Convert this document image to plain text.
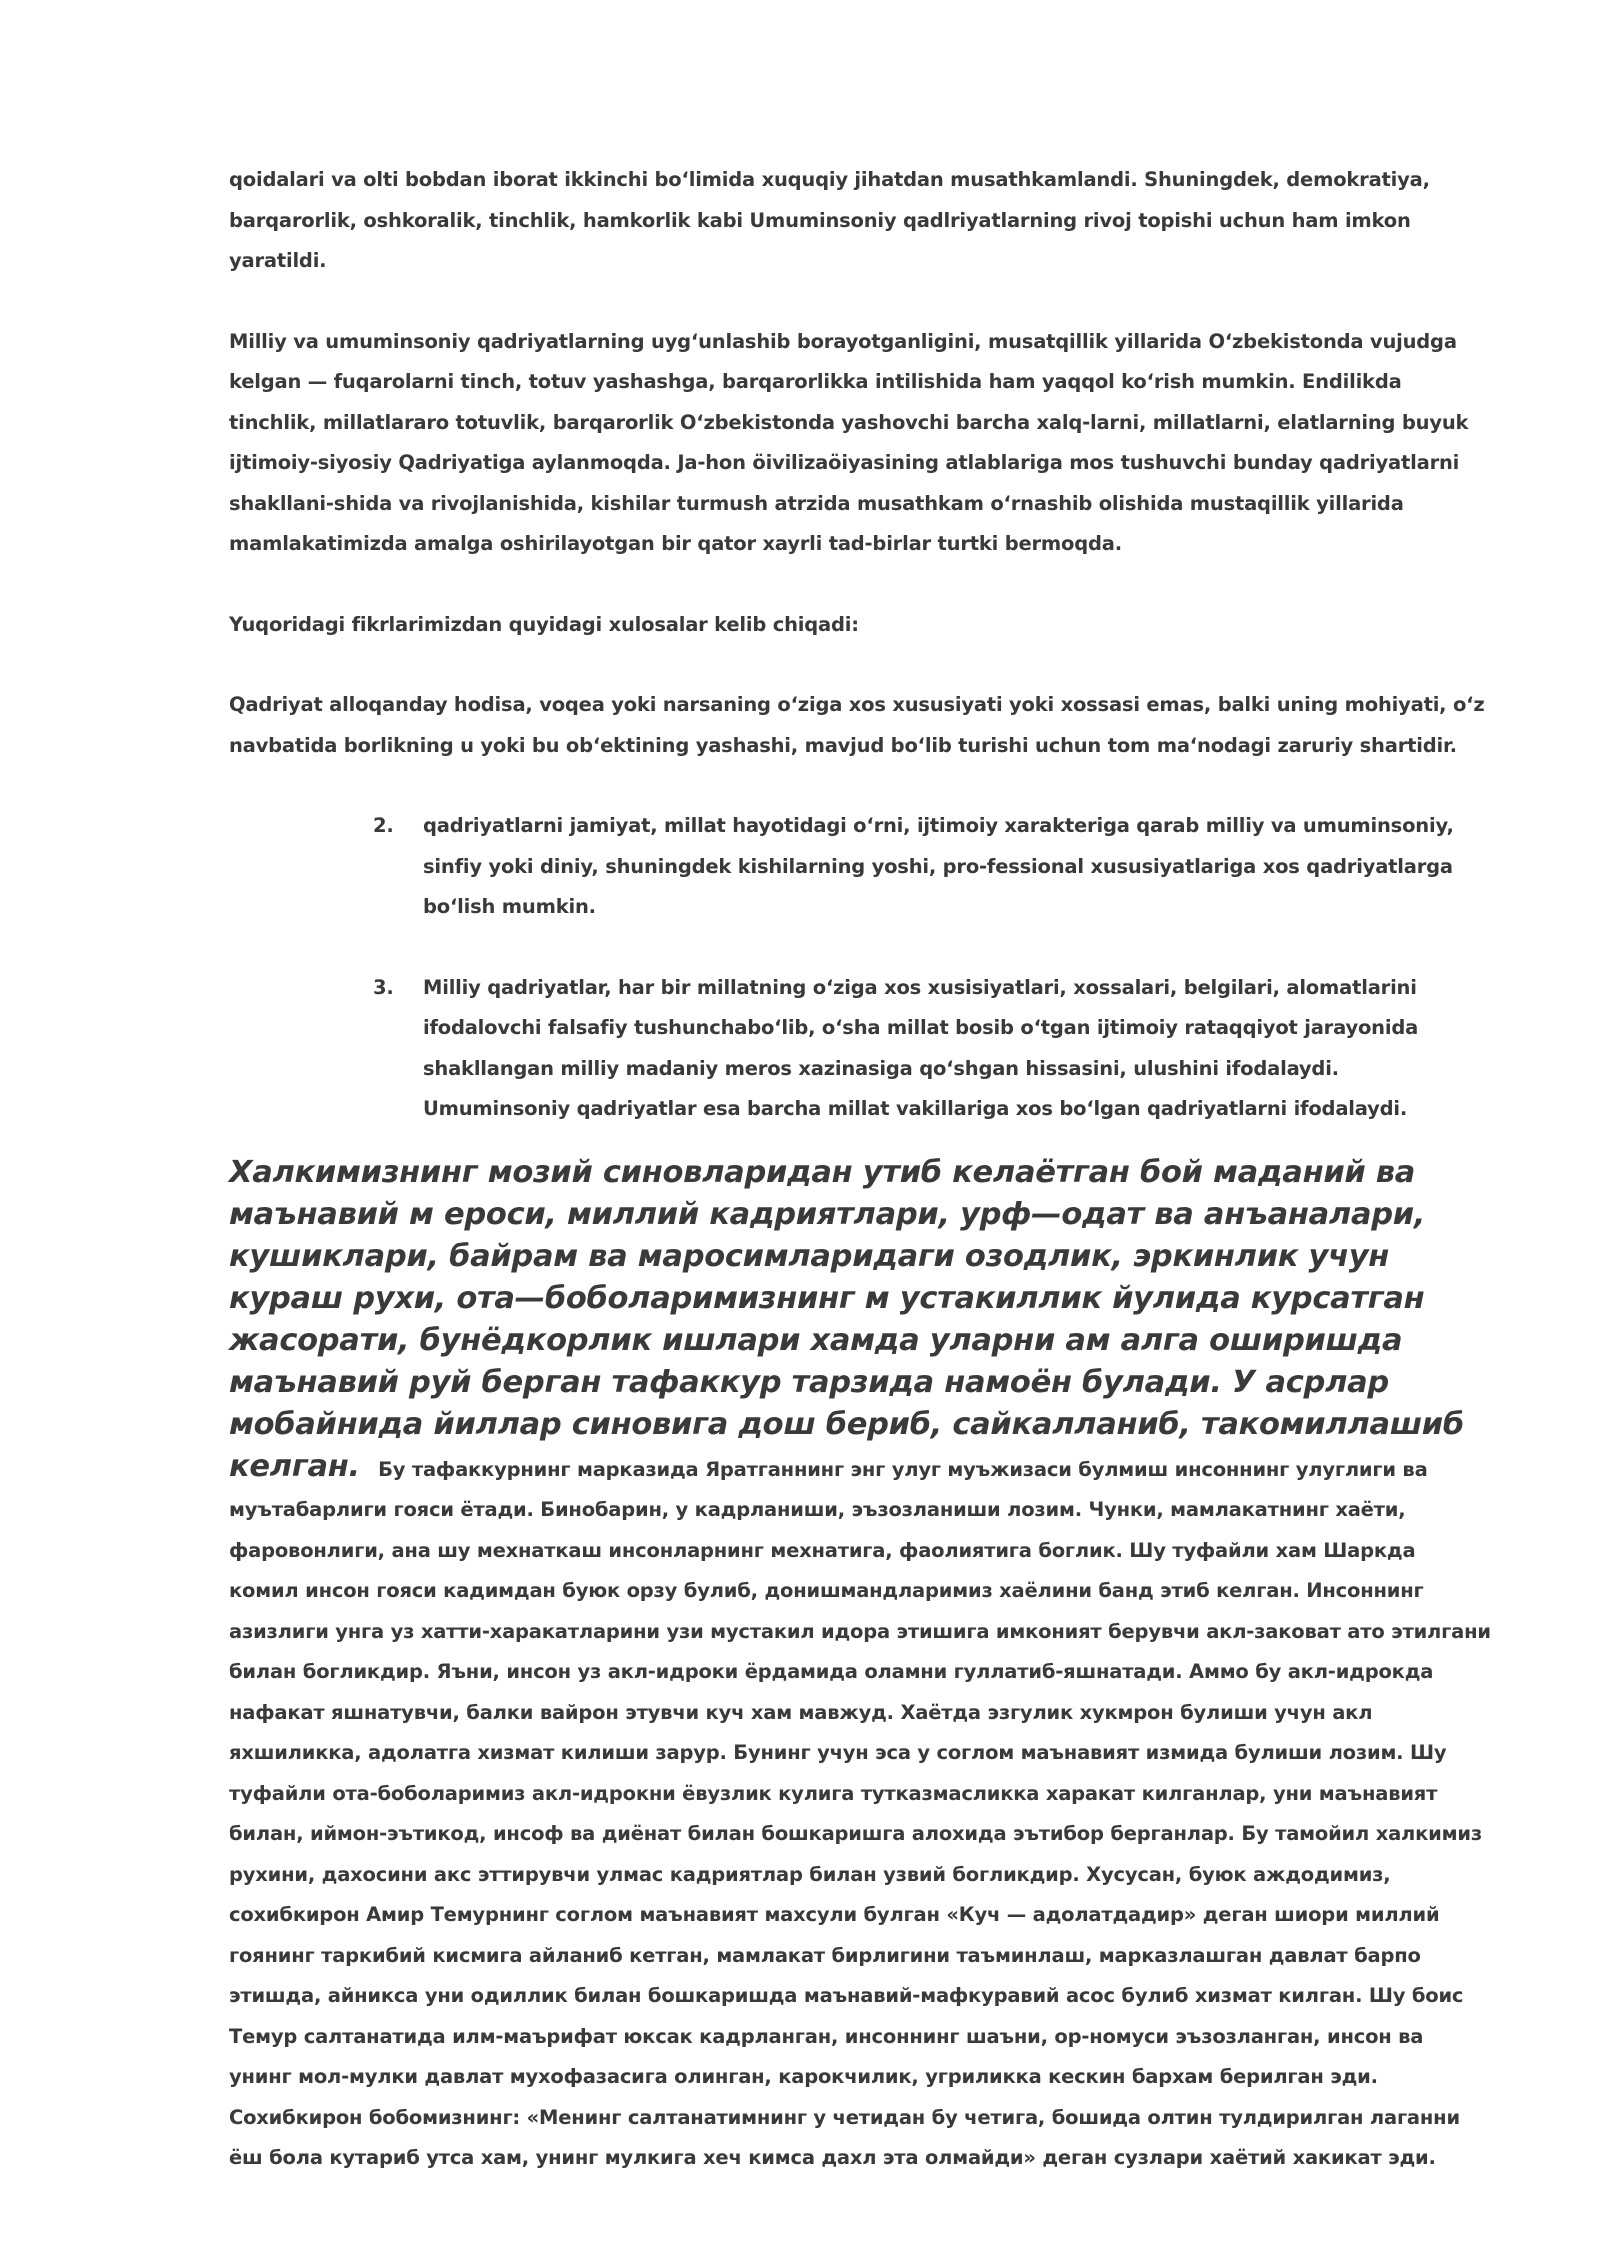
qoidalari va olti bobdan iborat ikkinchi bo‘limida xuquqiy jihatdan musathkamlandi. Shuningdek, demokratiya, barqarorlik, oshkoralik, tinchlik, hamkorlik kabi Umuminsoniy qadlriyatlarning rivoj topishi uchun ham imkon yaratildi.

Milliy va umuminsoniy qadriyatlarning uyg‘unlashib borayotganligini, musatqillik yillarida O‘zbekistonda vujudga kelgan — fuqarolarni tinch, totuv yashashga, barqarorlikka intilishida ham yaqqol ko‘rish mumkin. Endilikda tinchlik, millatlararo totuvlik, barqarorlik O‘zbekistonda yashovchi barcha xalq-larni, millatlarni, elatlarning buyuk ijtimoiy-siyosiy Qadriyatiga aylanmoqda. Ja-hon öivilizaöiyasining atlablariga mos tushuvchi bunday qadriyatlarni shakllani-shida va rivojlanishida, kishilar turmush atrzida musathkam o‘rnashib olishida mustaqillik yillarida mamlakatimizda amalga oshirilayotgan bir qator xayrli tad-birlar turtki bermoqda.

Yuqoridagi fikrlarimizdan quyidagi xulosalar kelib chiqadi:

Qadriyat alloqanday hodisa, voqea yoki narsaning o‘ziga xos xususiyati yoki xossasi emas, balki uning mohiyati, o‘z navbatida borlikning u yoki bu ob‘ektining yashashi, mavjud bo‘lib turishi uchun tom ma‘nodagi zaruriy shartidir.

2. qadriyatlarni jamiyat, millat hayotidagi o‘rni, ijtimoiy xarakteriga qarab milliy va umuminsoniy, sinfiy yoki diniy, shuningdek kishilarning yoshi, pro-fessional xususiyatlariga xos qadriyatlarga bo‘lish mumkin.
3. Milliy qadriyatlar, har bir millatning o‘ziga xos xusisiyatlari, xossalari, belgilari, alomatlarini ifodalovchi falsafiy tushunchabo‘lib, o‘sha millat bosib o‘tgan ijtimoiy rataqqiyot jarayonida shakllangan milliy madaniy meros xazinasiga qo‘shgan hissasini, ulushini ifodalaydi. Umuminsoniy qadriyatlar esa barcha millat vakillariga xos bo‘lgan qadriyatlarni ifodalaydi.
Халкимизнинг мозий синовларидан утиб келаётган бой маданий ва маънавий м ероси, миллий кадриятлари, урф—одат ва анъаналари, кушиклари, байрам ва маросимларидаги озодлик, эркинлик учун кураш рухи, ота—боболаримизнинг м устакиллик йулида курсатган жасорати, бунёдкорлик ишлари хамда уларни ам алга оширишда маънавий руй берган тафаккур тарзида намоён булади. У асрлар мобайнида йиллар синовига дош бериб, сайкалланиб, такомиллашиб келган. Бу тафаккурнинг марказида Яратганнинг энг улуг муъжизаси булмиш инсоннинг улуглиги ва муътабарлиги гояси ётади. Бинобарин, у кадрланиши, эъзозланиши лозим. Чунки, мамлакатнинг хаёти, фаровонлиги, ана шу мехнаткаш инсонларнинг мехнатига, фаолиятига боглик. Шу туфайли хам Шаркда комил инсон гояси кадимдан буюк орзу булиб, донишмандларимиз хаёлини банд этиб келган. Инсоннинг азизлиги унга уз хатти-харакатларини узи мустакил идора этишига имконият берувчи акл-заковат ато этилгани билан богликдир. Яъни, инсон уз акл-идроки ёрдамида оламни гуллатиб-яшнатади. Аммо бу акл-идрокда нафакат яшнатувчи, балки вайрон этувчи куч хам мавжуд. Хаётда эзгулик хукмрон булиши учун акл яхшиликка, адолатга хизмат килиши зарур. Бунинг учун эса у соглом маънавият измида булиши лозим. Шу туфайли ота-боболаримиз акл-идрокни ёвузлик кулига тутказмасликка харакат килганлар, уни маънавият билан, иймон-эътикод, инсоф ва диёнат билан бошкаришга алохида эътибор берганлар. Бу тамойил халкимиз рухини, дахосини акс эттирувчи улмас кадриятлар билан узвий богликдир. Хусусан, буюк аждодимиз, сохибкирон Амир Темурнинг соглом маънавият махсули булган «Куч — адолатдадир» деган шиори миллий гоянинг таркибий кисмига айланиб кетган, мамлакат бирлигини таъминлаш, марказлашган давлат барпо этишда, айникса уни одиллик билан бошкаришда маънавий-мафкуравий асос булиб хизмат килган. Шу боис Темур салтанатида илм-маърифат юксак кадрланган, инсоннинг шаъни, ор-номуси эъзозланган, инсон ва унинг мол-мулки давлат мухофазасига олинган, карокчилик, угриликка кескин бархам берилган эди. Сохибкирон бобомизнинг: «Менинг салтанатимнинг у четидан бу четига, бошида олтин тулдирилган лаганни ёш бола кутариб утса хам, унинг мулкига хеч кимса дахл эта олмайди» деган сузлари хаётий хакикат эди.
